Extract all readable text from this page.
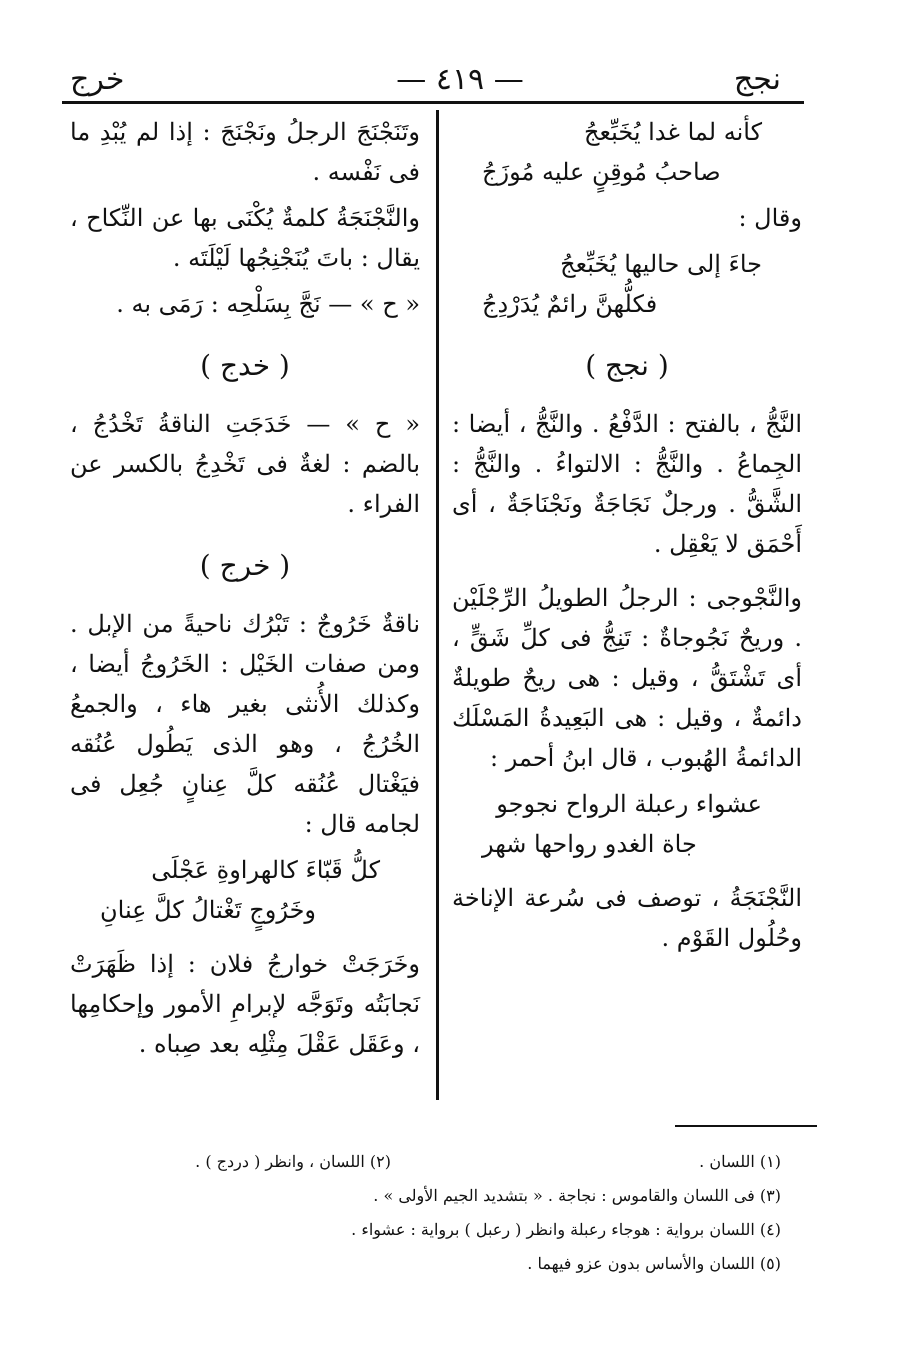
نجج
— ٤١٩ —
خرج

كأنه لما غدا يُخَبِّعجُ

صاحبُ مُوقِنٍ عليه مُوزَجُ

وقال :

جاءَ إلى حاليها يُخَبِّعجُ

فكلُّهنَّ رائمٌ يُدَرْدِجُ

( نجج )

النَّجُّ ، بالفتح : الدَّفْعُ . والنَّجُّ ، أيضا : الجِماعُ . والنَّجُّ : الالتواءُ . والنَّجُّ : الشَّقُّ . ورجلٌ نَجَاجَةٌ ونَجْنَاجَةٌ ، أى أَحْمَق لا يَعْقِل .

والنَّجْوجى : الرجلُ الطويلُ الرِّجْلَيْن . وريحٌ نَجُوجاةٌ : تَنِجُّ فى كلِّ شَقٍّ ، أى تَشْتَقُّ ، وقيل : هى ريحٌ طويلةٌ دائمةٌ ، وقيل : هى البَعِيدةُ المَسْلَك الدائمةُ الهُبوب ، قال ابنُ أحمر :

عشواء رعبلة الرواح نجوجو

جاة الغدو رواحها شهر

النَّجْنَجَةُ ، توصف فى سُرعة الإناخة وحُلُول القَوْم .

وتَنَجْنَجَ الرجلُ ونَجْنَجَ : إذا لم يُبْدِ ما فى نَفْسه .

والنَّجْنَجَةُ كلمةٌ يُكْنَى بها عن النِّكاح ، يقال : باتَ يُنَجْنِجُها لَيْلَتَه .

« ح » — نَجَّ بِسَلْحِه : رَمَى به .

( خدج )

« ح » — خَدَجَتِ الناقةُ تَخْدُجُ ، بالضم : لغةٌ فى تَخْدِجُ بالكسر عن الفراء .

( خرج )

ناقةٌ خَرُوجٌ : تَبْرُك ناحيةً من الإبل . ومن صفات الخَيْل : الخَرُوجُ أيضا ، وكذلك الأُنثى بغير هاء ، والجمعُ الخُرُجُ ، وهو الذى يَطُول عُنُقه فيَغْتال عُنُقه كلَّ عِنانٍ جُعِل فى لجامه قال :

كلُّ قَبّاءَ كالهراوةِ عَجْلَى

وخَرُوجٍ تَغْتالُ كلَّ عِنانِ

وخَرَجَتْ خوارجُ فلان : إذا ظَهَرَتْ نَجابَتُه وتَوَجَّه لإبرامِ الأمور وإحكامِها ، وعَقَل عَقْلَ مِثْلِه بعد صِباه .

(١) اللسان .
(٢) اللسان ، وانظر ( دردج ) .
(٣) فى اللسان والقاموس : نجاجة . « بتشديد الجيم الأولى » .
(٤) اللسان برواية : هوجاء رعبلة وانظر ( رعبل ) برواية : عشواء .
(٥) اللسان والأساس بدون عزو فيهما .
